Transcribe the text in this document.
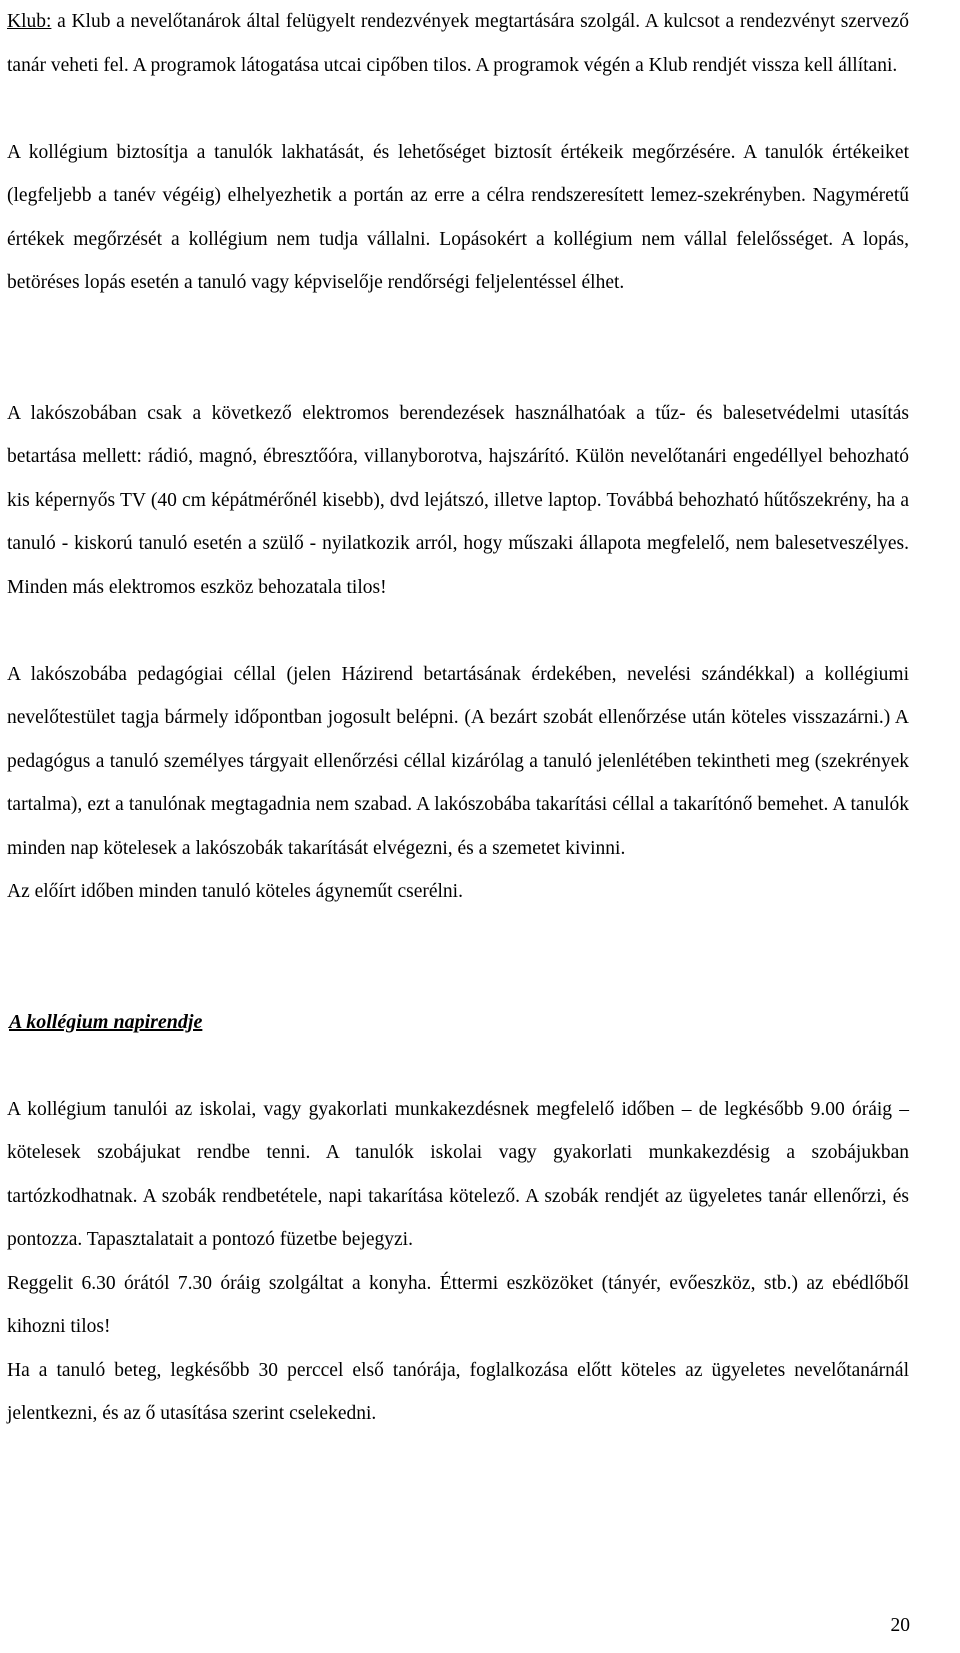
Klub: a Klub a nevelőtanárok által felügyelt rendezvények megtartására szolgál. A kulcsot a rendezvényt szervező tanár veheti fel. A programok látogatása utcai cipőben tilos. A programok végén a Klub rendjét vissza kell állítani.

A kollégium biztosítja a tanulók lakhatását, és lehetőséget biztosít értékeik megőrzésére. A tanulók értékeiket (legfeljebb a tanév végéig) elhelyezhetik a portán az erre a célra rendszeresített lemez-szekrényben. Nagyméretű értékek megőrzését a kollégium nem tudja vállalni. Lopásokért a kollégium nem vállal felelősséget. A lopás, betöréses lopás esetén a tanuló vagy képviselője rendőrségi feljelentéssel élhet.

A lakószobában csak a következő elektromos berendezések használhatóak a tűz- és balesetvédelmi utasítás betartása mellett: rádió, magnó, ébresztőóra, villanyborotva, hajszárító. Külön nevelőtanári engedéllyel behozható kis képernyős TV (40 cm képátmérőnél kisebb), dvd lejátszó, illetve laptop. Továbbá behozható hűtőszekrény, ha a tanuló - kiskorú tanuló esetén a szülő - nyilatkozik arról, hogy műszaki állapota megfelelő, nem balesetveszélyes. Minden más elektromos eszköz behozatala tilos!

A lakószobába pedagógiai céllal (jelen Házirend betartásának érdekében, nevelési szándékkal) a kollégiumi nevelőtestület tagja bármely időpontban jogosult belépni. (A bezárt szobát ellenőrzése után köteles visszazárni.) A pedagógus a tanuló személyes tárgyait ellenőrzési céllal kizárólag a tanuló jelenlétében tekintheti meg (szekrények tartalma), ezt a tanulónak megtagadnia nem szabad. A lakószobába takarítási céllal a takarítónő bemehet. A tanulók minden nap kötelesek a lakószobák takarítását elvégezni, és a szemetet kivinni.

Az előírt időben minden tanuló köteles ágyneműt cserélni.

A kollégium napirendje

A kollégium tanulói az iskolai, vagy gyakorlati munkakezdésnek megfelelő időben – de legkésőbb 9.00 óráig – kötelesek szobájukat rendbe tenni. A tanulók iskolai vagy gyakorlati munkakezdésig a szobájukban tartózkodhatnak. A szobák rendbetétele, napi takarítása kötelező. A szobák rendjét az ügyeletes tanár ellenőrzi, és pontozza. Tapasztalatait a pontozó füzetbe bejegyzi.

Reggelit 6.30 órától 7.30 óráig szolgáltat a konyha. Éttermi eszközöket (tányér, evőeszköz, stb.) az ebédlőből kihozni tilos!

Ha a tanuló beteg, legkésőbb 30 perccel első tanórája, foglalkozása előtt köteles az ügyeletes nevelőtanárnál jelentkezni, és az ő utasítása szerint cselekedni.

20
